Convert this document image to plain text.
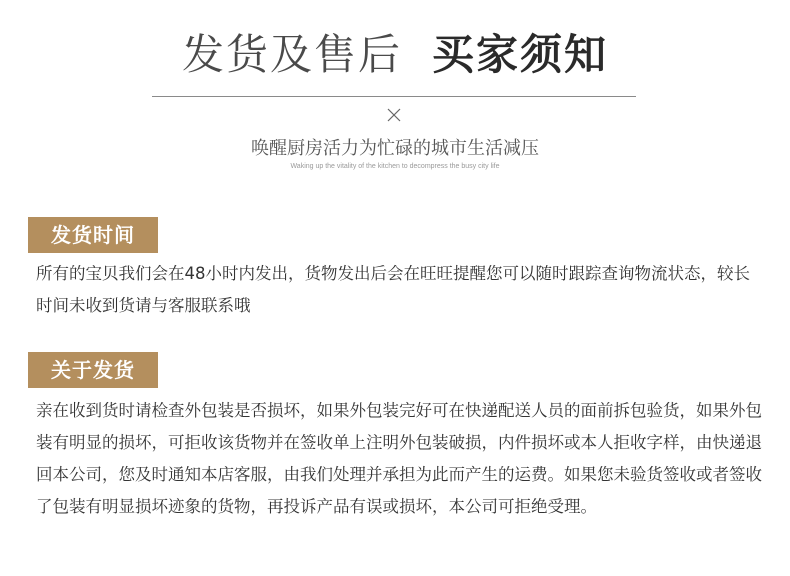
发货及售后 买家须知
唤醒厨房活力为忙碌的城市生活减压
Waking up the vitality of the kitchen to decompress the busy city life
发货时间
所有的宝贝我们会在48小时内发出，货物发出后会在旺旺提醒您可以随时跟踪查询物流状态，较长时间未收到货请与客服联系哦
关于发货
亲在收到货时请检查外包装是否损坏，如果外包装完好可在快递配送人员的面前拆包验货，如果外包装有明显的损坏，可拒收该货物并在签收单上注明外包装破损，内件损坏或本人拒收字样，由快递退回本公司，您及时通知本店客服，由我们处理并承担为此而产生的运费。如果您未验货签收或者签收了包装有明显损坏迹象的货物，再投诉产品有误或损坏，本公司可拒绝受理。
